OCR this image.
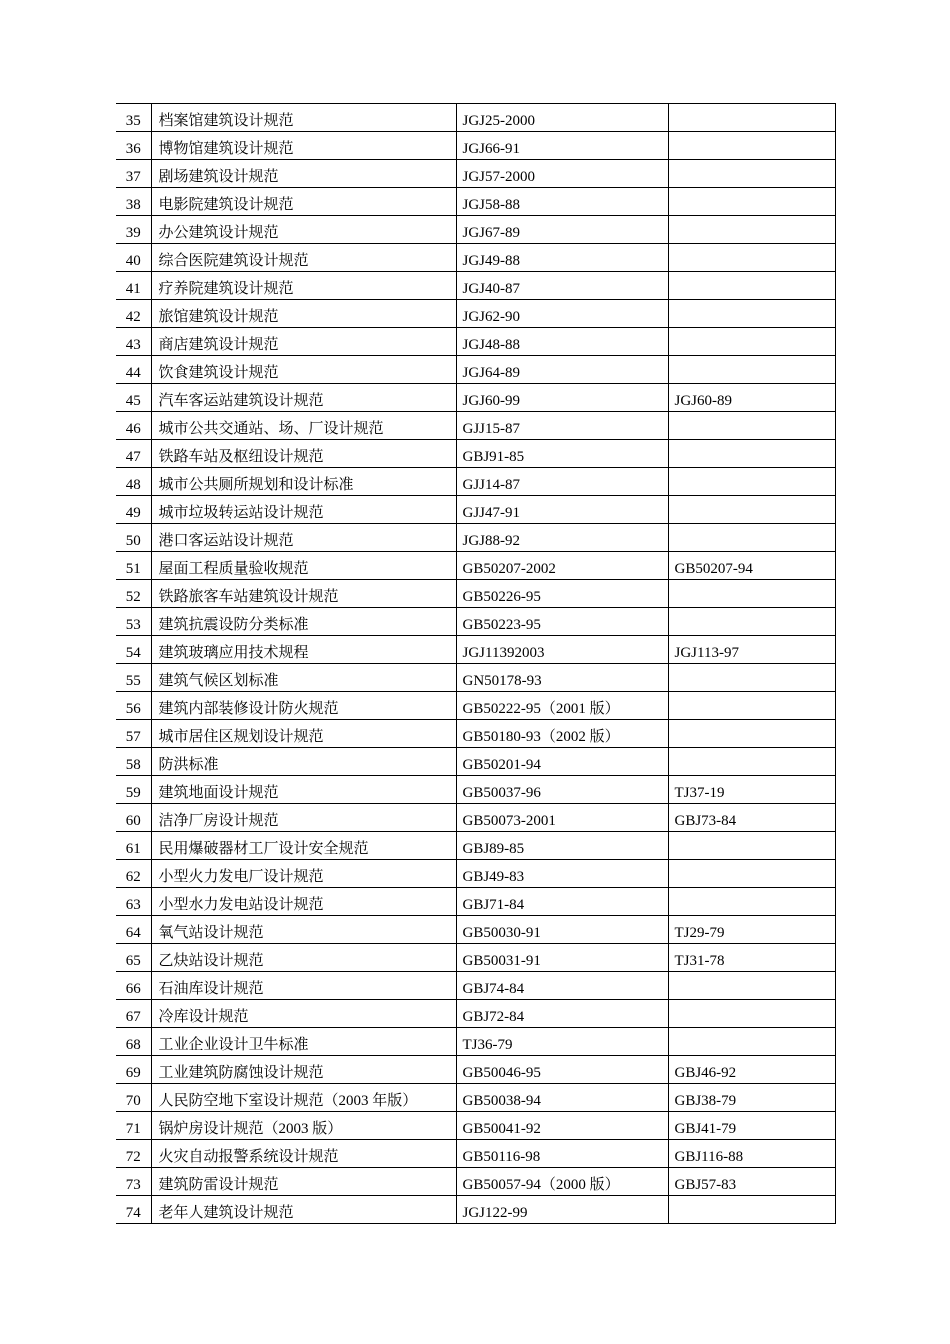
35	档案馆建筑设计规范	JGJ25-2000	
36	博物馆建筑设计规范	JGJ66-91	
37	剧场建筑设计规范	JGJ57-2000	
38	电影院建筑设计规范	JGJ58-88	
39	办公建筑设计规范	JGJ67-89	
40	综合医院建筑设计规范	JGJ49-88	
41	疗养院建筑设计规范	JGJ40-87	
42	旅馆建筑设计规范	JGJ62-90	
43	商店建筑设计规范	JGJ48-88	
44	饮食建筑设计规范	JGJ64-89	
45	汽车客运站建筑设计规范	JGJ60-99	JGJ60-89
46	城市公共交通站、场、厂设计规范	GJJ15-87	
47	铁路车站及枢纽设计规范	GBJ91-85	
48	城市公共厕所规划和设计标准	GJJ14-87	
49	城市垃圾转运站设计规范	GJJ47-91	
50	港口客运站设计规范	JGJ88-92	
51	屋面工程质量验收规范	GB50207-2002	GB50207-94
52	铁路旅客车站建筑设计规范	GB50226-95	
53	建筑抗震设防分类标准	GB50223-95	
54	建筑玻璃应用技术规程	JGJ11392003	JGJ113-97
55	建筑气候区划标准	GN50178-93	
56	建筑内部装修设计防火规范	GB50222-95（2001 版）	
57	城市居住区规划设计规范	GB50180-93（2002 版）	
58	防洪标准	GB50201-94	
59	建筑地面设计规范	GB50037-96	TJ37-19
60	洁净厂房设计规范	GB50073-2001	GBJ73-84
61	民用爆破器材工厂设计安全规范	GBJ89-85	
62	小型火力发电厂设计规范	GBJ49-83	
63	小型水力发电站设计规范	GBJ71-84	
64	氧气站设计规范	GB50030-91	TJ29-79
65	乙炔站设计规范	GB50031-91	TJ31-78
66	石油库设计规范	GBJ74-84	
67	冷库设计规范	GBJ72-84	
68	工业企业设计卫牛标准	TJ36-79	
69	工业建筑防腐蚀设计规范	GB50046-95	GBJ46-92
70	人民防空地下室设计规范（2003 年版）	GB50038-94	GBJ38-79
71	锅炉房设计规范（2003 版）	GB50041-92	GBJ41-79
72	火灾自动报警系统设计规范	GB50116-98	GBJ116-88
73	建筑防雷设计规范	GB50057-94（2000 版）	GBJ57-83
74	老年人建筑设计规范	JGJ122-99	
